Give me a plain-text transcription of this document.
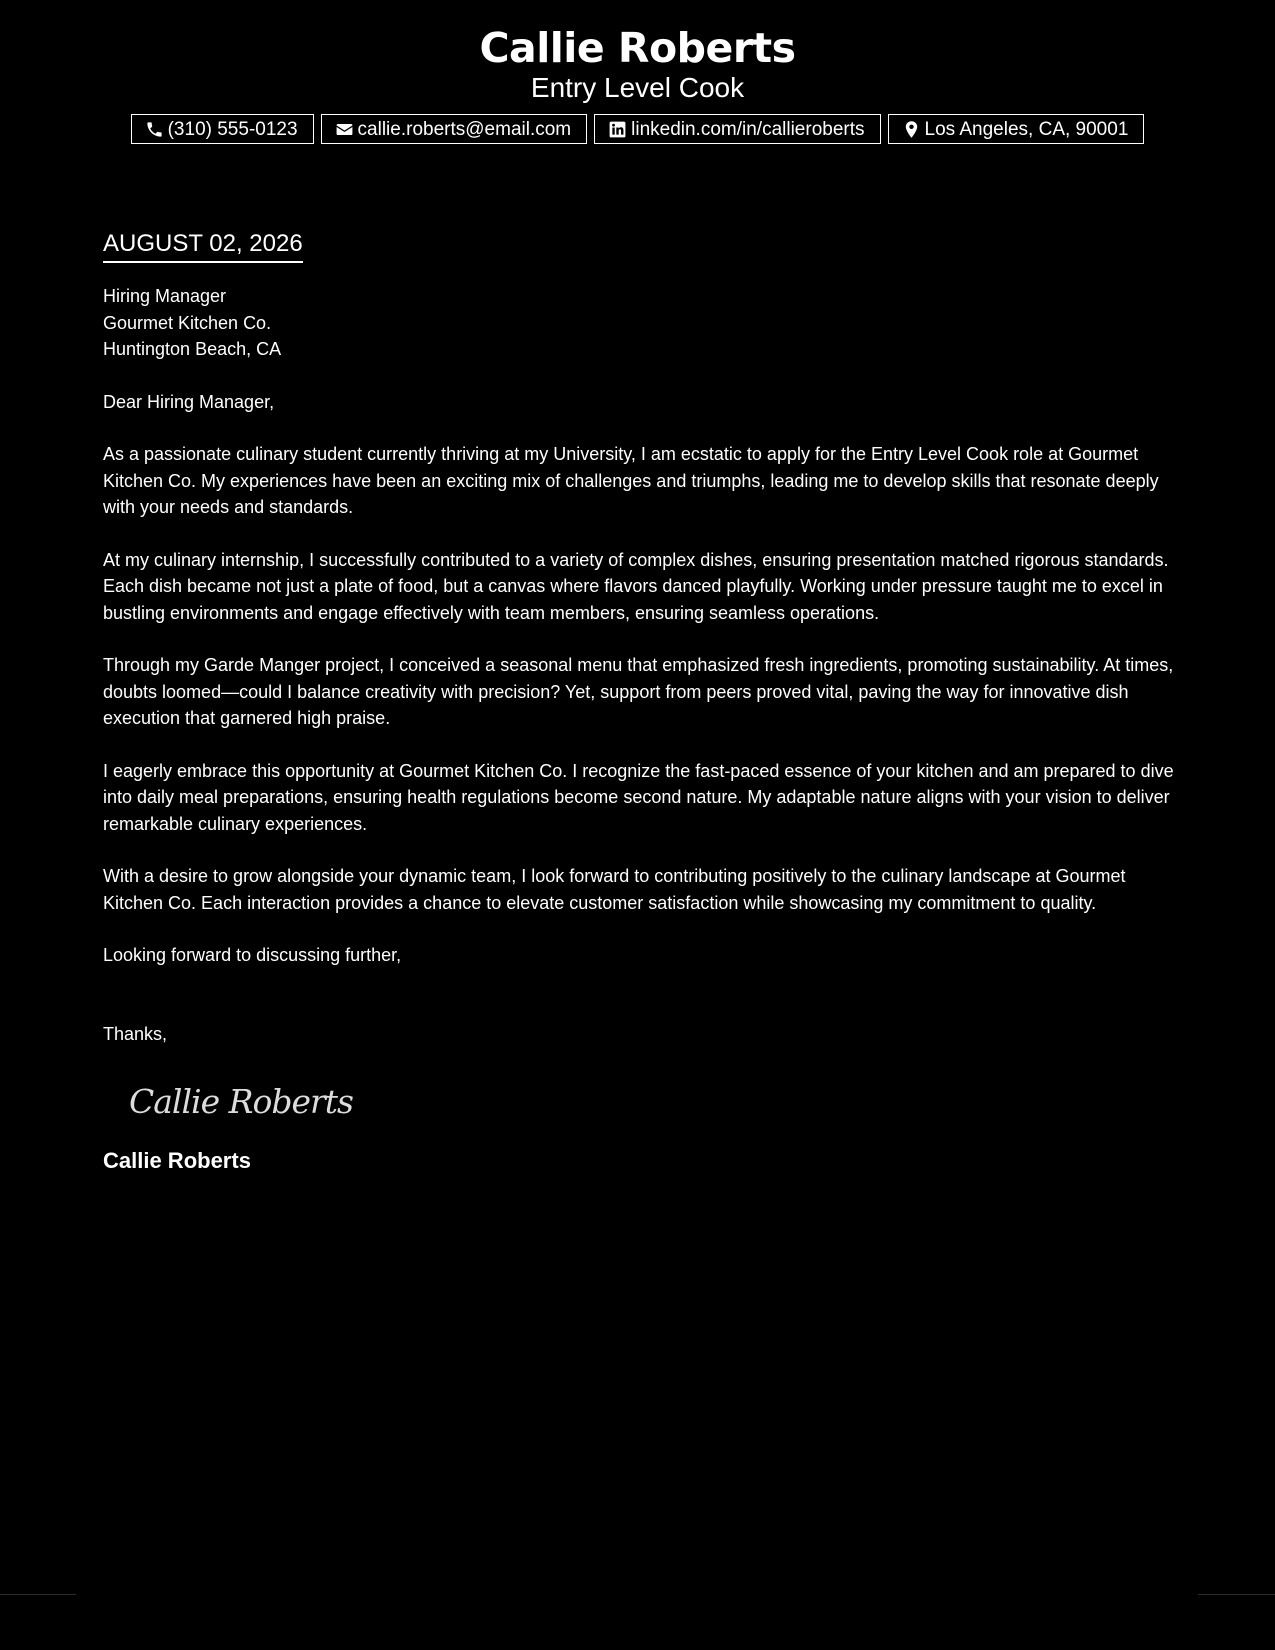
Callie Roberts
Entry Level Cook
(310) 555-0123	callie.roberts@email.com	linkedin.com/in/callieroberts	Los Angeles, CA, 90001
AUGUST 02, 2026
Hiring Manager
Gourmet Kitchen Co.
Huntington Beach, CA
Dear Hiring Manager,

As a passionate culinary student currently thriving at my University, I am ecstatic to apply for the Entry Level Cook role at Gourmet Kitchen Co. My experiences have been an exciting mix of challenges and triumphs, leading me to develop skills that resonate deeply with your needs and standards.

At my culinary internship, I successfully contributed to a variety of complex dishes, ensuring presentation matched rigorous standards. Each dish became not just a plate of food, but a canvas where flavors danced playfully. Working under pressure taught me to excel in bustling environments and engage effectively with team members, ensuring seamless operations.

Through my Garde Manger project, I conceived a seasonal menu that emphasized fresh ingredients, promoting sustainability. At times, doubts loomed—could I balance creativity with precision? Yet, support from peers proved vital, paving the way for innovative dish execution that garnered high praise.

I eagerly embrace this opportunity at Gourmet Kitchen Co. I recognize the fast-paced essence of your kitchen and am prepared to dive into daily meal preparations, ensuring health regulations become second nature. My adaptable nature aligns with your vision to deliver remarkable culinary experiences.

With a desire to grow alongside your dynamic team, I look forward to contributing positively to the culinary landscape at Gourmet Kitchen Co. Each interaction provides a chance to elevate customer satisfaction while showcasing my commitment to quality.

Looking forward to discussing further,
Thanks,
Callie Roberts
Callie Roberts
